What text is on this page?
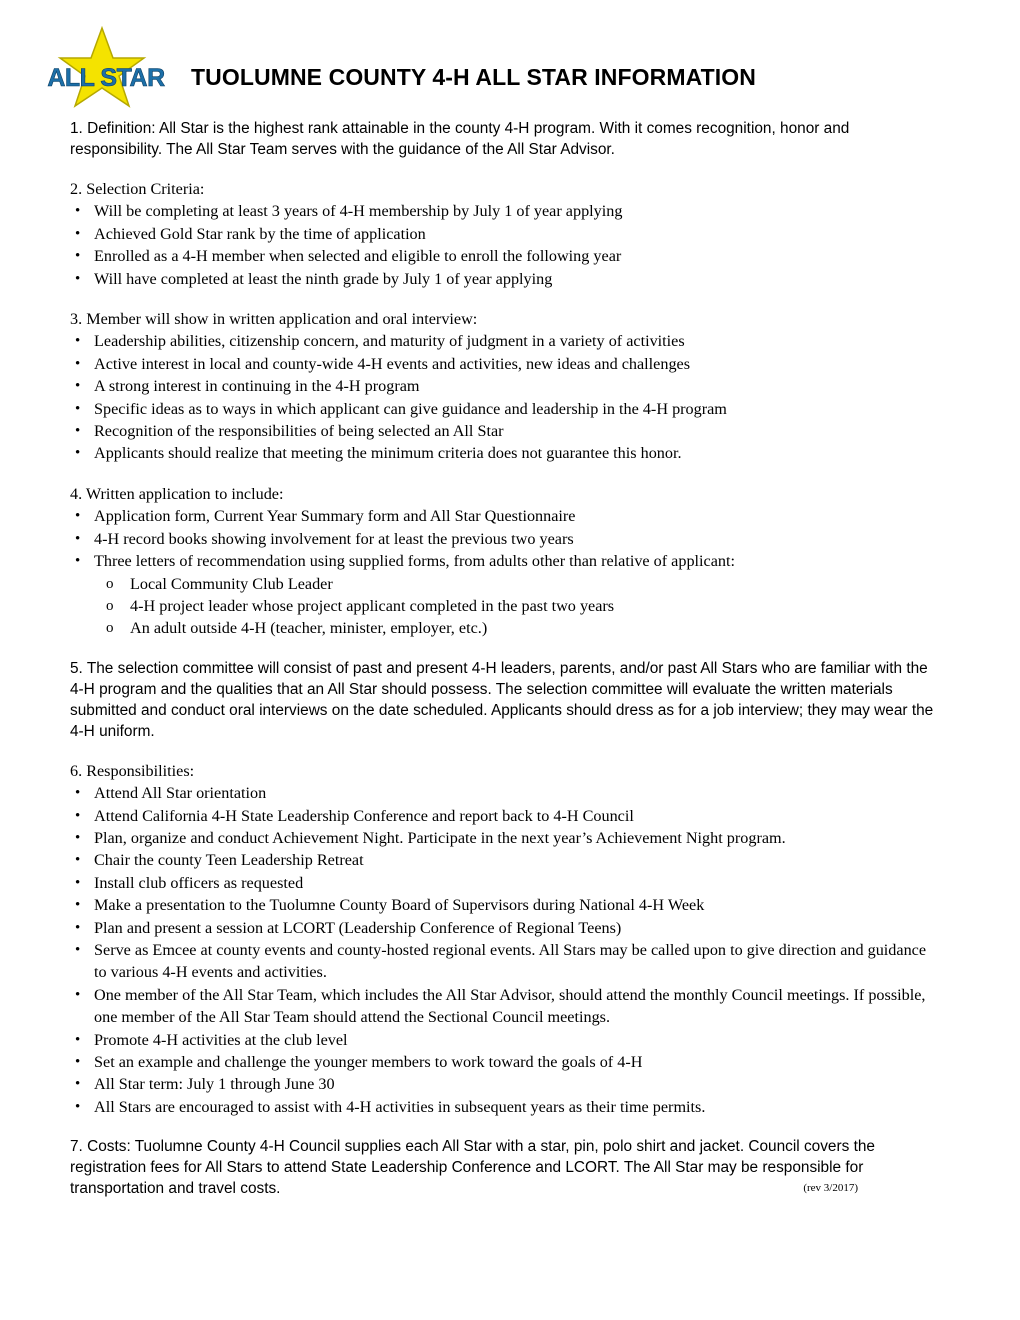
ALL STAR TUOLUMNE COUNTY 4-H ALL STAR INFORMATION

1. Definition: All Star is the highest rank attainable in the county 4-H program. With it comes recognition, honor and responsibility. The All Star Team serves with the guidance of the All Star Advisor.

2. Selection Criteria:

• Will be completing at least 3 years of 4-H membership by July 1 of year applying
• Achieved Gold Star rank by the time of application
• Enrolled as a 4-H member when selected and eligible to enroll the following year
• Will have completed at least the ninth grade by July 1 of year applying

3. Member will show in written application and oral interview:

• Leadership abilities, citizenship concern, and maturity of judgment in a variety of activities
• Active interest in local and county-wide 4-H events and activities, new ideas and challenges
• A strong interest in continuing in the 4-H program
• Specific ideas as to ways in which applicant can give guidance and leadership in the 4-H program
• Recognition of the responsibilities of being selected an All Star
• Applicants should realize that meeting the minimum criteria does not guarantee this honor.

4. Written application to include:

• Application form, Current Year Summary form and All Star Questionnaire
• 4-H record books showing involvement for at least the previous two years
• Three letters of recommendation using supplied forms, from adults other than relative of applicant:
o Local Community Club Leader
o 4-H project leader whose project applicant completed in the past two years
o An adult outside 4-H (teacher, minister, employer, etc.)

5. The selection committee will consist of past and present 4-H leaders, parents, and/or past All Stars who are familiar with the 4-H program and the qualities that an All Star should possess. The selection committee will evaluate the written materials submitted and conduct oral interviews on the date scheduled. Applicants should dress as for a job interview; they may wear the 4-H uniform.

6. Responsibilities:

• Attend All Star orientation
• Attend California 4-H State Leadership Conference and report back to 4-H Council
• Plan, organize and conduct Achievement Night. Participate in the next year’s Achievement Night program.
• Chair the county Teen Leadership Retreat
• Install club officers as requested
• Make a presentation to the Tuolumne County Board of Supervisors during National 4-H Week
• Plan and present a session at LCORT (Leadership Conference of Regional Teens)
• Serve as Emcee at county events and county-hosted regional events. All Stars may be called upon to give direction and guidance to various 4-H events and activities.
• One member of the All Star Team, which includes the All Star Advisor, should attend the monthly Council meetings. If possible, one member of the All Star Team should attend the Sectional Council meetings.
• Promote 4-H activities at the club level
• Set an example and challenge the younger members to work toward the goals of 4-H
• All Star term: July 1 through June 30
• All Stars are encouraged to assist with 4-H activities in subsequent years as their time permits.

7. Costs: Tuolumne County 4-H Council supplies each All Star with a star, pin, polo shirt and jacket. Council covers the registration fees for All Stars to attend State Leadership Conference and LCORT. The All Star may be responsible for transportation and travel costs.	(rev 3/2017)
